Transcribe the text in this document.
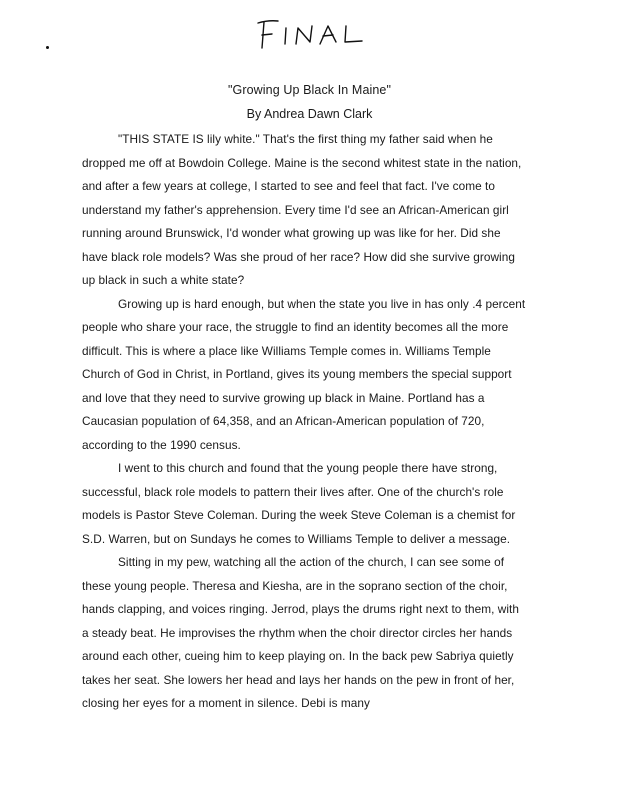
"Growing Up Black In Maine"
By Andrea Dawn Clark

"THIS STATE IS lily white." That's the first thing my father said when he dropped me off at Bowdoin College. Maine is the second whitest state in the nation, and after a few years at college, I started to see and feel that fact. I've come to understand my father's apprehension. Every time I'd see an African-American girl running around Brunswick, I'd wonder what growing up was like for her. Did she have black role models? Was she proud of her race? How did she survive growing up black in such a white state?

Growing up is hard enough, but when the state you live in has only .4 percent people who share your race, the struggle to find an identity becomes all the more difficult. This is where a place like Williams Temple comes in. Williams Temple Church of God in Christ, in Portland, gives its young members the special support and love that they need to survive growing up black in Maine. Portland has a Caucasian population of 64,358, and an African-American population of 720, according to the 1990 census.

I went to this church and found that the young people there have strong, successful, black role models to pattern their lives after. One of the church's role models is Pastor Steve Coleman. During the week Steve Coleman is a chemist for S.D. Warren, but on Sundays he comes to Williams Temple to deliver a message.

Sitting in my pew, watching all the action of the church, I can see some of these young people. Theresa and Kiesha, are in the soprano section of the choir, hands clapping, and voices ringing. Jerrod, plays the drums right next to them, with a steady beat. He improvises the rhythm when the choir director circles her hands around each other, cueing him to keep playing on. In the back pew Sabriya quietly takes her seat. She lowers her head and lays her hands on the pew in front of her, closing her eyes for a moment in silence. Debi is many
